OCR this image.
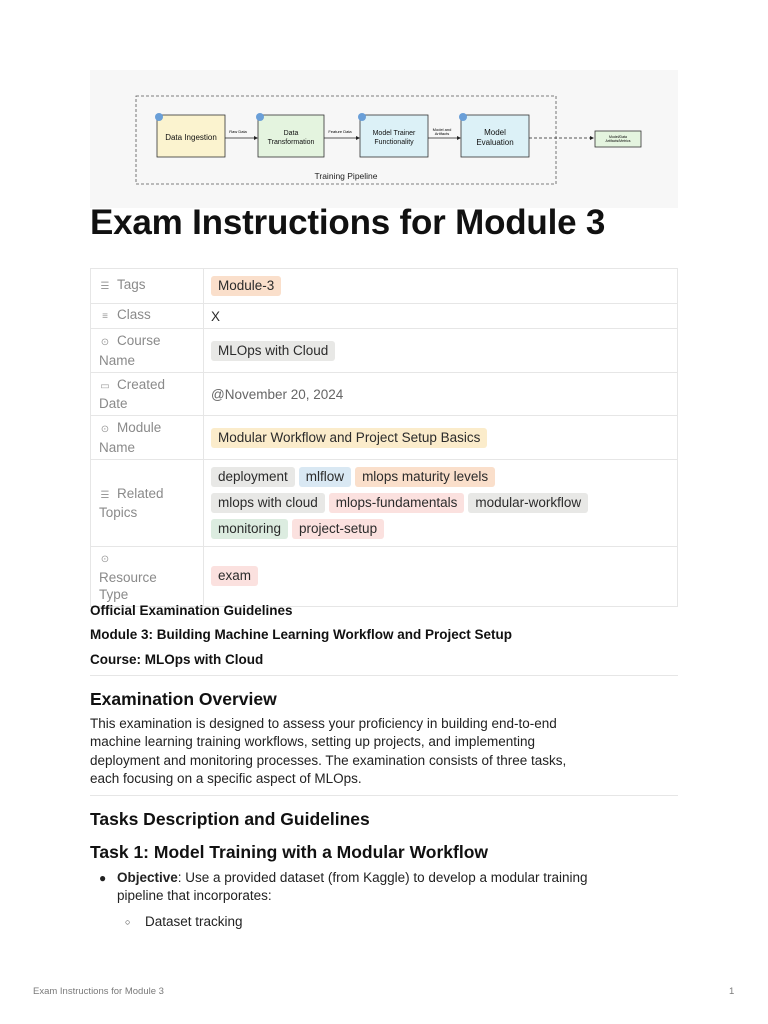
Training Pipeline
Data Ingestion
Raw Data	Data
Transformation
Feature Data	Model Trainer
Functionality
Model and
Artifacts	Model
Evaluation
Model/Data
Artifacts/Metrics
Exam Instructions for Module 3
☰ Tags	Module-3
≡ Class	X
⊙ Course
Name	MLOps with Cloud
▭ Created
Date	@November 20, 2024
⊙ Module
Name	Modular Workflow and Project Setup Basics
☰ Related
Topics	deployment mlflow mlops maturity levels
mlops with cloud mlops-fundamentals modular-workflow
monitoring project-setup
⊙
Resource
Type	exam

Official Examination Guidelines

Module 3: Building Machine Learning Workflow and Project Setup

Course: MLOps with Cloud

Examination Overview

This examination is designed to assess your proficiency in building end-to-end
machine learning training workflows, setting up projects, and implementing
deployment and monitoring processes. The examination consists of three tasks,
each focusing on a specific aspect of MLOps.

Tasks Description and Guidelines
Task 1: Model Training with a Modular Workflow
● Objective: Use a provided dataset (from Kaggle) to develop a modular training
pipeline that incorporates:
○ Dataset tracking
Exam Instructions for Module 3	1
